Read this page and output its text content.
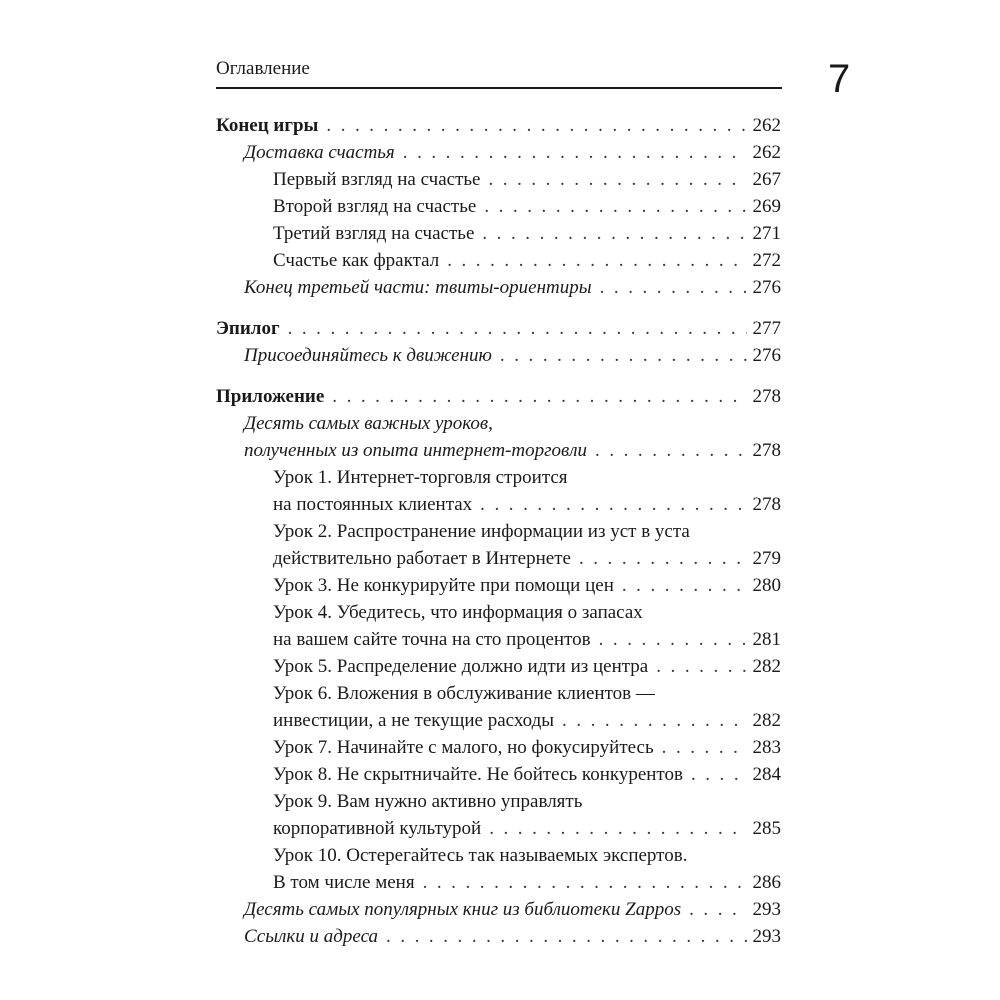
Оглавление	7
Конец игры . . .	262
Доставка счастья . . .	262
Первый взгляд на счастье . . .	267
Второй взгляд на счастье . . .	269
Третий взгляд на счастье . . .	271
Счастье как фрактал . . .	272
Конец третьей части: твиты-ориентиры . . .	276
Эпилог . . .	277
Присоединяйтесь к движению . . .	276
Приложение . . .	278
Десять самых важных уроков,
полученных из опыта интернет-торговли . . .	278
Урок 1. Интернет-торговля строится
на постоянных клиентах . . .	278
Урок 2. Распространение информации из уст в уста
действительно работает в Интернете . . .	279
Урок 3. Не конкурируйте при помощи цен . . .	280
Урок 4. Убедитесь, что информация о запасах
на вашем сайте точна на сто процентов . . .	281
Урок 5. Распределение должно идти из центра . . .	282
Урок 6. Вложения в обслуживание клиентов —
инвестиции, а не текущие расходы . . .	282
Урок 7. Начинайте с малого, но фокусируйтесь . . .	283
Урок 8. Не скрытничайте. Не бойтесь конкурентов . . .	284
Урок 9. Вам нужно активно управлять
корпоративной культурой . . .	285
Урок 10. Остерегайтесь так называемых экспертов.
В том числе меня . . .	286
Десять самых популярных книг из библиотеки Zappos . . .	293
Ссылки и адреса . . .	293
